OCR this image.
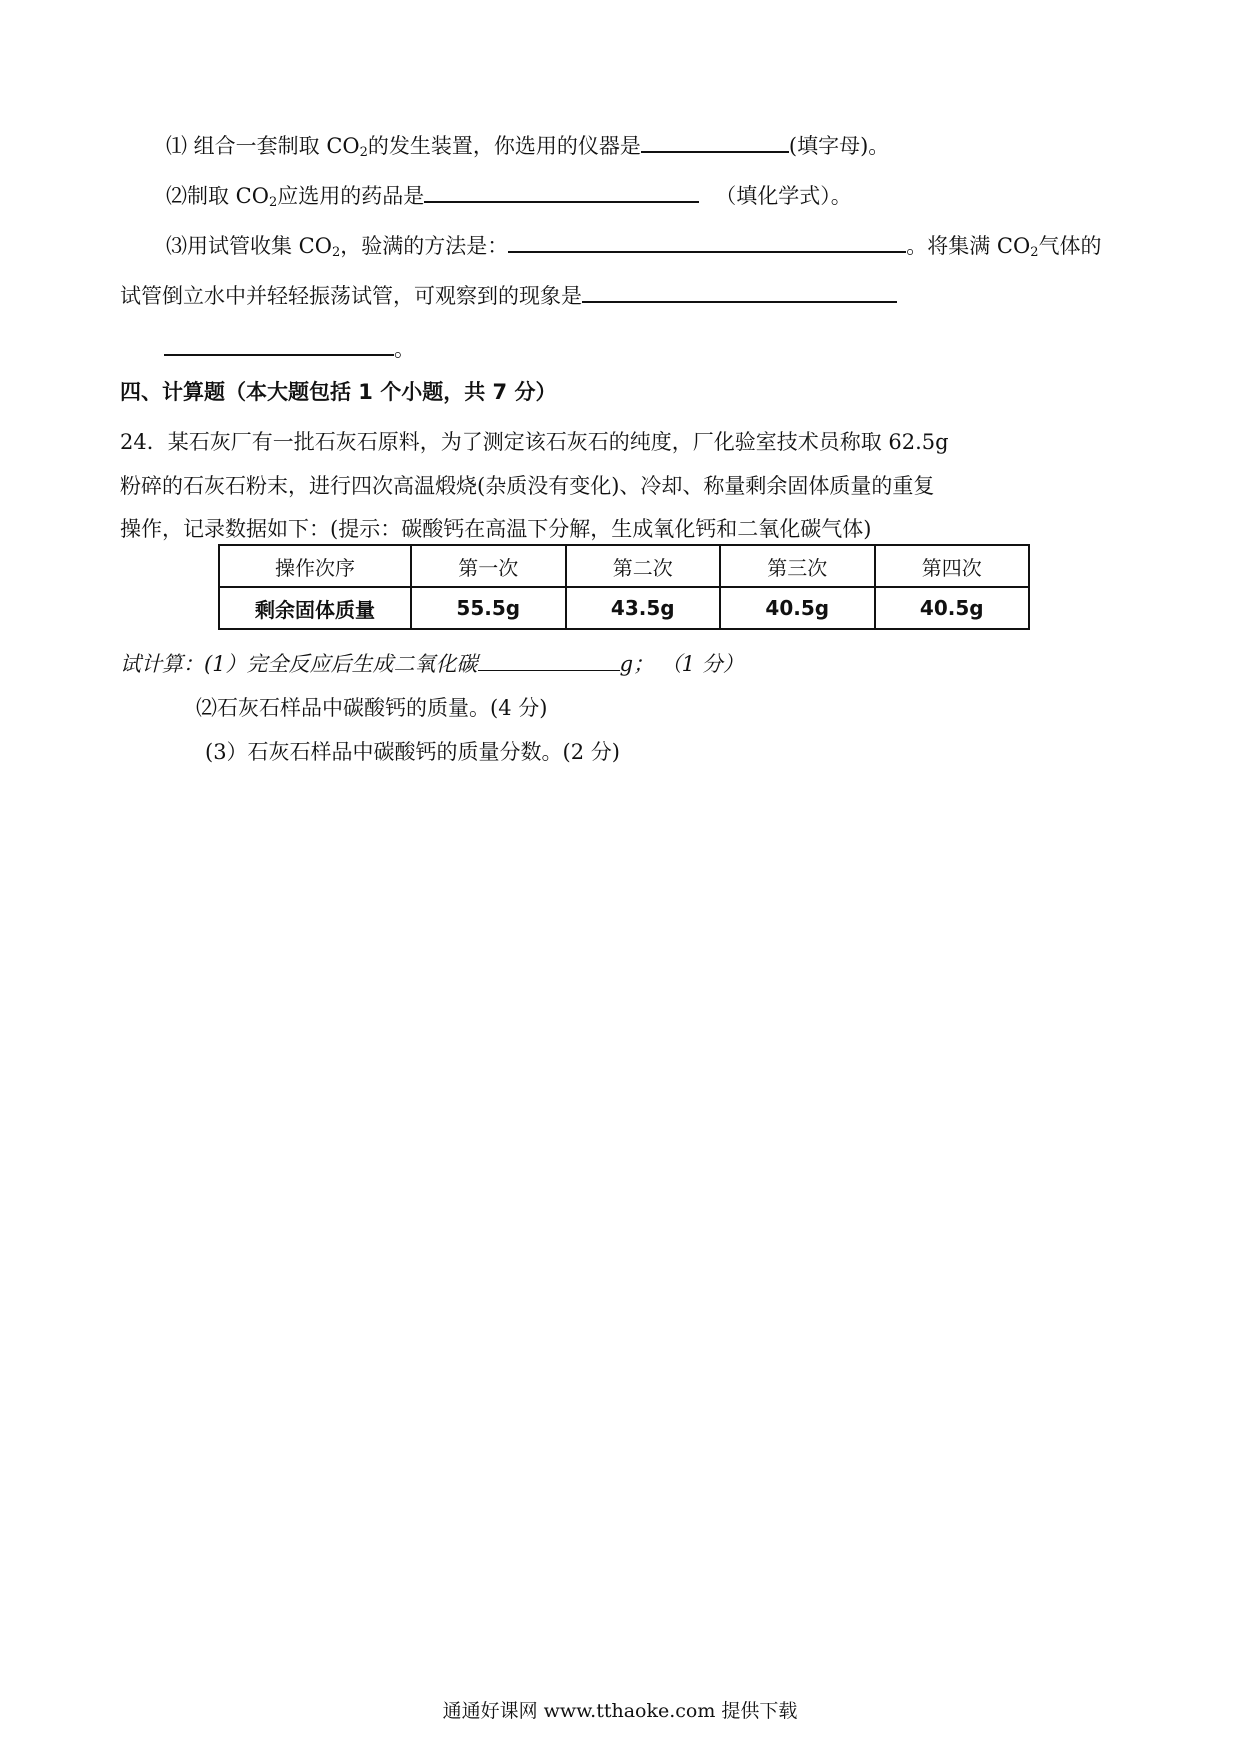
⑴ 组合一套制取 $CO_2$的发生装置，你选用的仪器是	(填字母)。
⑵制取 $CO_2$应选用的药品是	（填化学式）。
⑶用试管收集 $CO_2$，验满的方法是：	。将集满 $CO_2$气体的
试管倒立水中并轻轻振荡试管，可观察到的现象是
。
四、计算题（本大题包括 1 个小题，共 7 分）
24．某石灰厂有一批石灰石原料，为了测定该石灰石的纯度，厂化验室技术员称取 62.5g
粉碎的石灰石粉末，进行四次高温煅烧(杂质没有变化)、冷却、称量剩余固体质量的重复
操作，记录数据如下：(提示：碳酸钙在高温下分解，生成氧化钙和二氧化碳气体)
操作次序	第一次	第二次	第三次	第四次
剩余固体质量	55.5g	43.5g	40.5g	40.5g
试计算：(1）完全反应后生成二氧化碳	g； （1 分）
⑵石灰石样品中碳酸钙的质量。(4 分)
(3）石灰石样品中碳酸钙的质量分数。(2 分)
通通好课网 www.tthaoke.com 提供下载
